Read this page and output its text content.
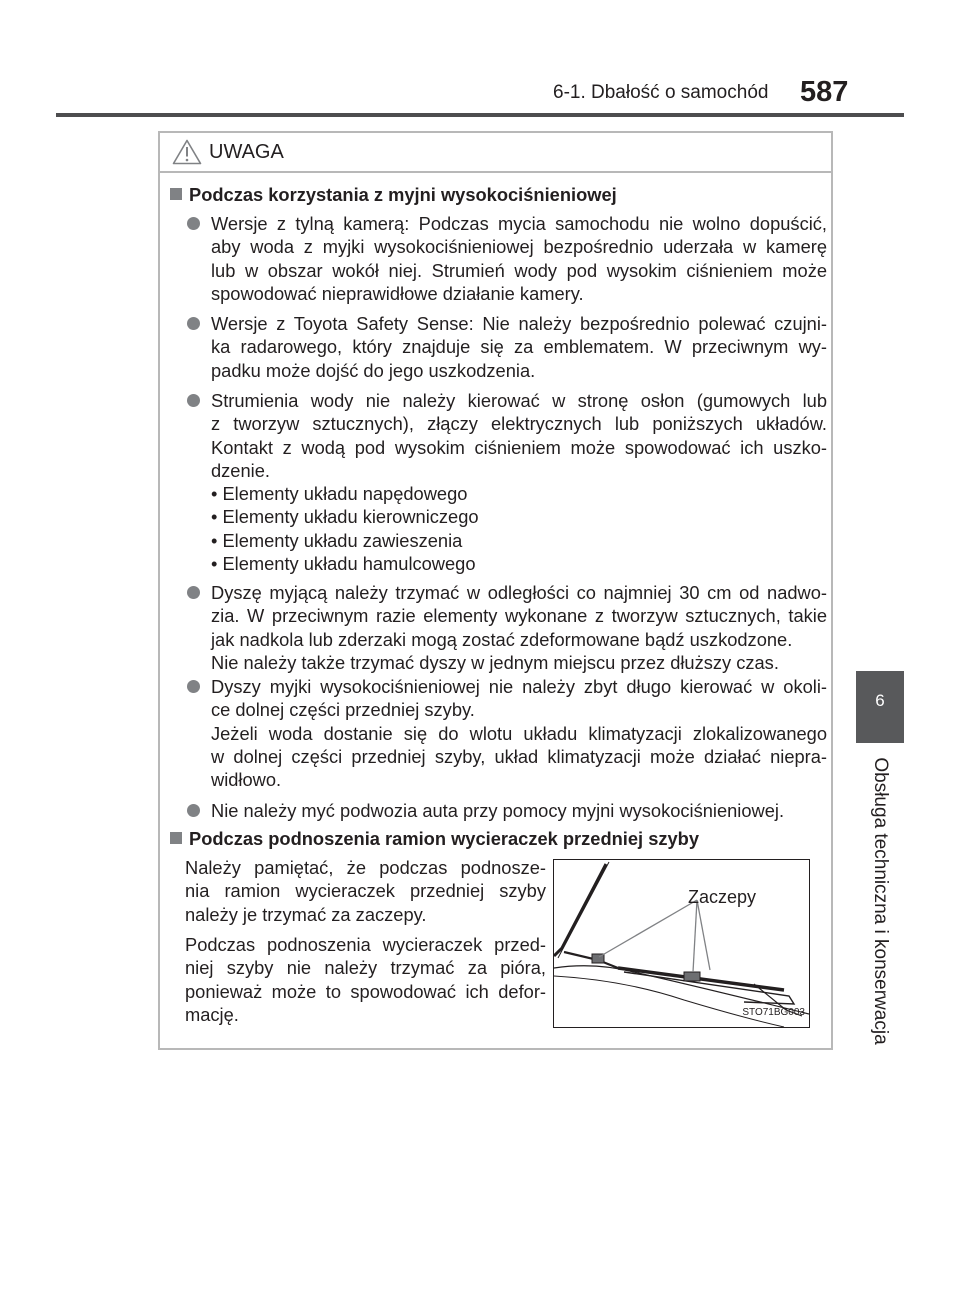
6-1. Dbałość o samochód 587
6
Obsługa techniczna i konserwacja
UWAGA
Podczas korzystania z myjni wysokociśnieniowej
Wersje z tylną kamerą: Podczas mycia samochodu nie wolno dopuścić,
aby woda z myjki wysokociśnieniowej bezpośrednio uderzała w kamerę
lub w obszar wokół niej. Strumień wody pod wysokim ciśnieniem może
spowodować nieprawidłowe działanie kamery.
Wersje z Toyota Safety Sense: Nie należy bezpośrednio polewać czujni-
ka radarowego, który znajduje się za emblematem. W przeciwnym wy-
padku może dojść do jego uszkodzenia.
Strumienia wody nie należy kierować w stronę osłon (gumowych lub
z tworzyw sztucznych), złączy elektrycznych lub poniższych układów.
Kontakt z wodą pod wysokim ciśnieniem może spowodować ich uszko-
dzenie.
• Elementy układu napędowego
• Elementy układu kierowniczego
• Elementy układu zawieszenia
• Elementy układu hamulcowego
Dyszę myjącą należy trzymać w odległości co najmniej 30 cm od nadwo-
zia. W przeciwnym razie elementy wykonane z tworzyw sztucznych, takie
jak nadkola lub zderzaki mogą zostać zdeformowane bądź uszkodzone.
Nie należy także trzymać dyszy w jednym miejscu przez dłuższy czas.
Dyszy myjki wysokociśnieniowej nie należy zbyt długo kierować w okoli-
ce dolnej części przedniej szyby.
Jeżeli woda dostanie się do wlotu układu klimatyzacji zlokalizowanego
w dolnej części przedniej szyby, układ klimatyzacji może działać niepra-
widłowo.
Nie należy myć podwozia auta przy pomocy myjni wysokociśnieniowej.
Podczas podnoszenia ramion wycieraczek przedniej szyby
Należy pamiętać, że podczas podnosze-
nia ramion wycieraczek przedniej szyby
należy je trzymać za zaczepy.
Podczas podnoszenia wycieraczek przed-
niej szyby nie należy trzymać za pióra,
ponieważ może to spowodować ich defor-
mację.
Zaczepy
STO71BG003
